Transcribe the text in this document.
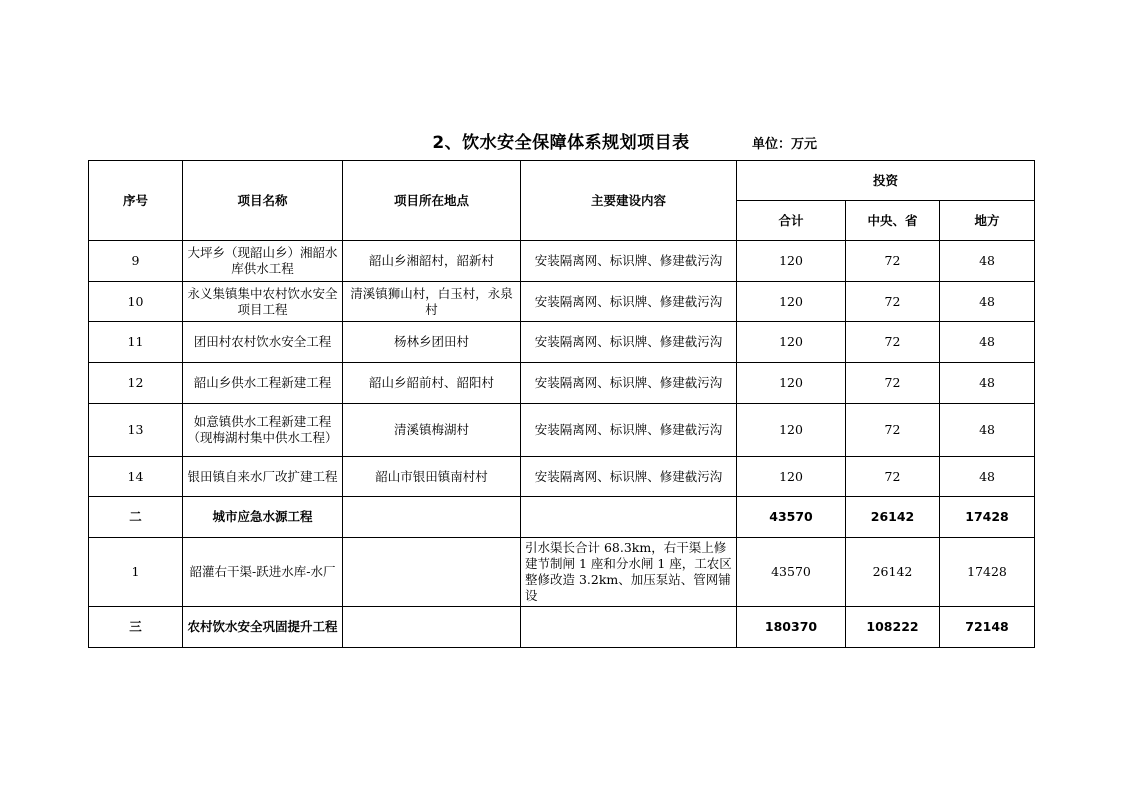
2、饮水安全保障体系规划项目表	单位：万元
序号	项目名称	项目所在地点	主要建设内容	投资		
				合计	中央、省	地方
9	大坪乡（现韶山乡）湘韶水库供水工程	韶山乡湘韶村，韶新村	安装隔离网、标识牌、修建截污沟	120	72	48
10	永义集镇集中农村饮水安全项目工程	清溪镇狮山村，白玉村，永泉村	安装隔离网、标识牌、修建截污沟	120	72	48
11	团田村农村饮水安全工程	杨林乡团田村	安装隔离网、标识牌、修建截污沟	120	72	48
12	韶山乡供水工程新建工程	韶山乡韶前村、韶阳村	安装隔离网、标识牌、修建截污沟	120	72	48
13	如意镇供水工程新建工程（现梅湖村集中供水工程）	清溪镇梅湖村	安装隔离网、标识牌、修建截污沟	120	72	48
14	银田镇自来水厂改扩建工程	韶山市银田镇南村村	安装隔离网、标识牌、修建截污沟	120	72	48
二	城市应急水源工程			43570	26142	17428
1	韶灌右干渠-跃进水库-水厂		引水渠长合计 68.3km，右干渠上修建节制闸 1 座和分水闸 1 座，工农区整修改造 3.2km、加压泵站、管网铺设	43570	26142	17428
三	农村饮水安全巩固提升工程			180370	108222	72148
